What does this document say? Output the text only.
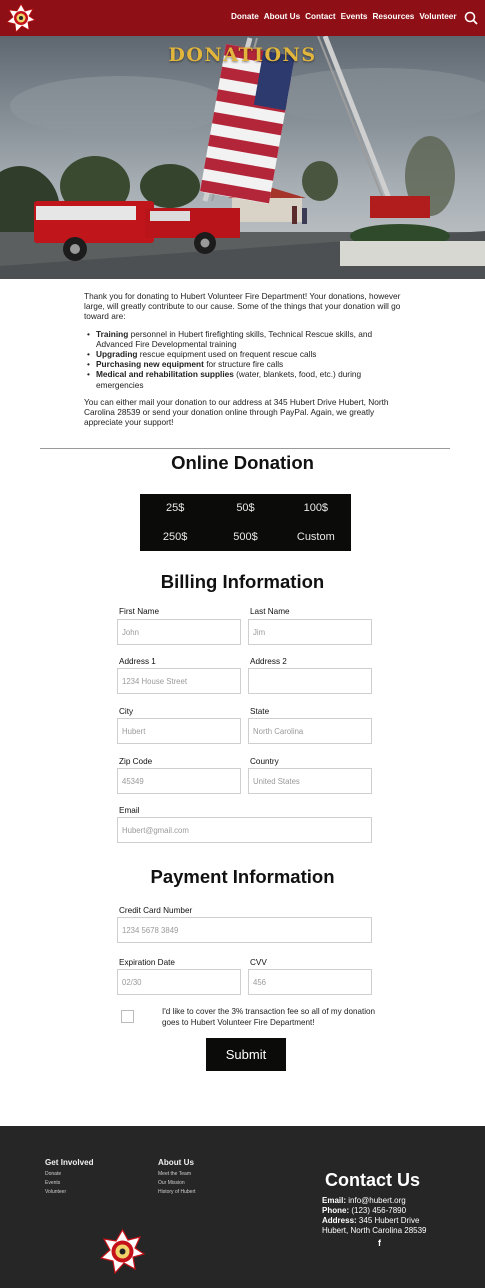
Donate About Us Contact Events Resources Volunteer
DONATIONS

Thank you for donating to Hubert Volunteer Fire Department! Your donations, however large, will greatly contribute to our cause. Some of the things that your donation will go toward are:

• Training personnel in Hubert firefighting skills, Technical Rescue skills, and Advanced Fire Developmental training
• Upgrading rescue equipment used on frequent rescue calls
• Purchasing new equipment for structure fire calls
• Medical and rehabilitation supplies (water, blankets, food, etc.) during emergencies

You can either mail your donation to our address at 345 Hubert Drive Hubert, North Carolina 28539 or send your donation online through PayPal. Again, we greatly appreciate your support!

Online Donation
25$	50$	100$
250$	500$	Custom
Billing Information
First Name
John
Last Name
Jim
Address 1
1234 House Street
Address 2
City
Hubert
State
North Carolina
Zip Code
45349
Country
United States
Email
Hubert@gmail.com
Payment Information
Credit Card Number
1234 5678 3849
Expiration Date
02/30
CVV
456
I'd like to cover the 3% transaction fee so all of my donation goes to Hubert Volunteer Fire Department!
Submit
Get Involved
Donate
Events
Volunteer
About Us
Meet the Team
Our Mission
History of Hubert
Contact Us
Email: info@hubert.org
Phone: (123) 456-7890
Address: 345 Hubert Drive Hubert, North Carolina 28539
f
